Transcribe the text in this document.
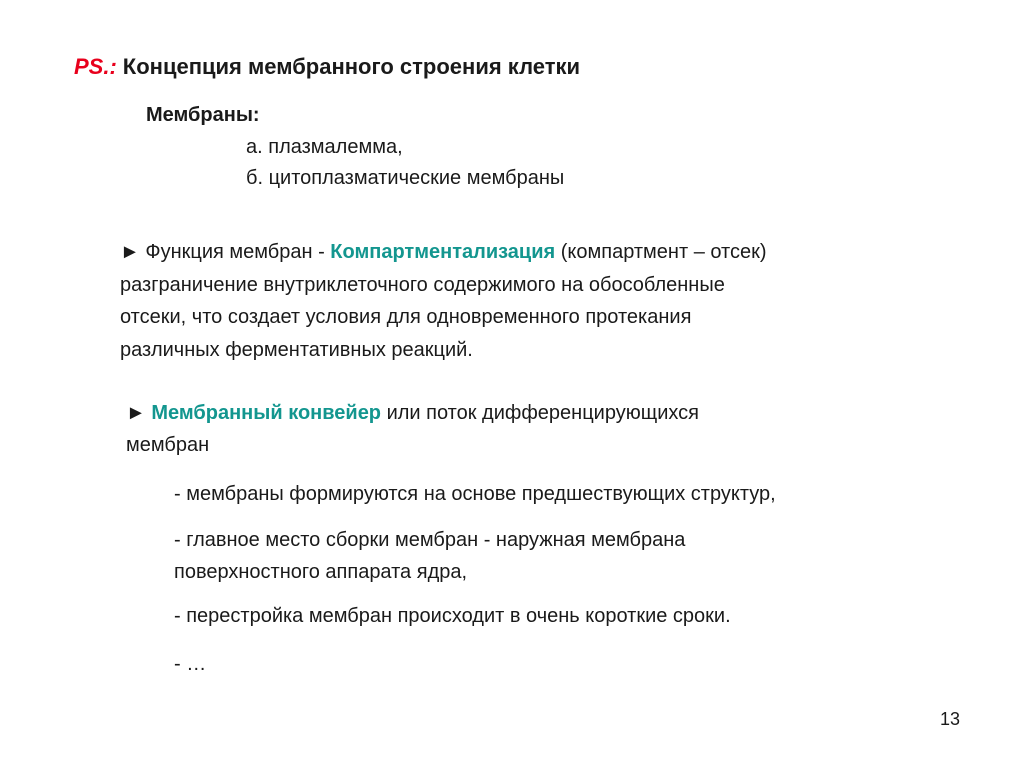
PS.: Концепция мембранного строения клетки
Мембраны:
а. плазмалемма,
б. цитоплазматические мембраны
► Функция мембран - Компартментализация (компартмент – отсек)
разграничение внутриклеточного содержимого на обособленные
отсеки, что создает условия для одновременного протекания
различных ферментативных реакций.
► Мембранный конвейер или поток дифференцирующихся
мембран
- мембраны формируются на основе предшествующих структур,
- главное место сборки мембран - наружная мембрана
поверхностного аппарата ядра,
- перестройка мембран происходит в очень короткие сроки.
- …
13
